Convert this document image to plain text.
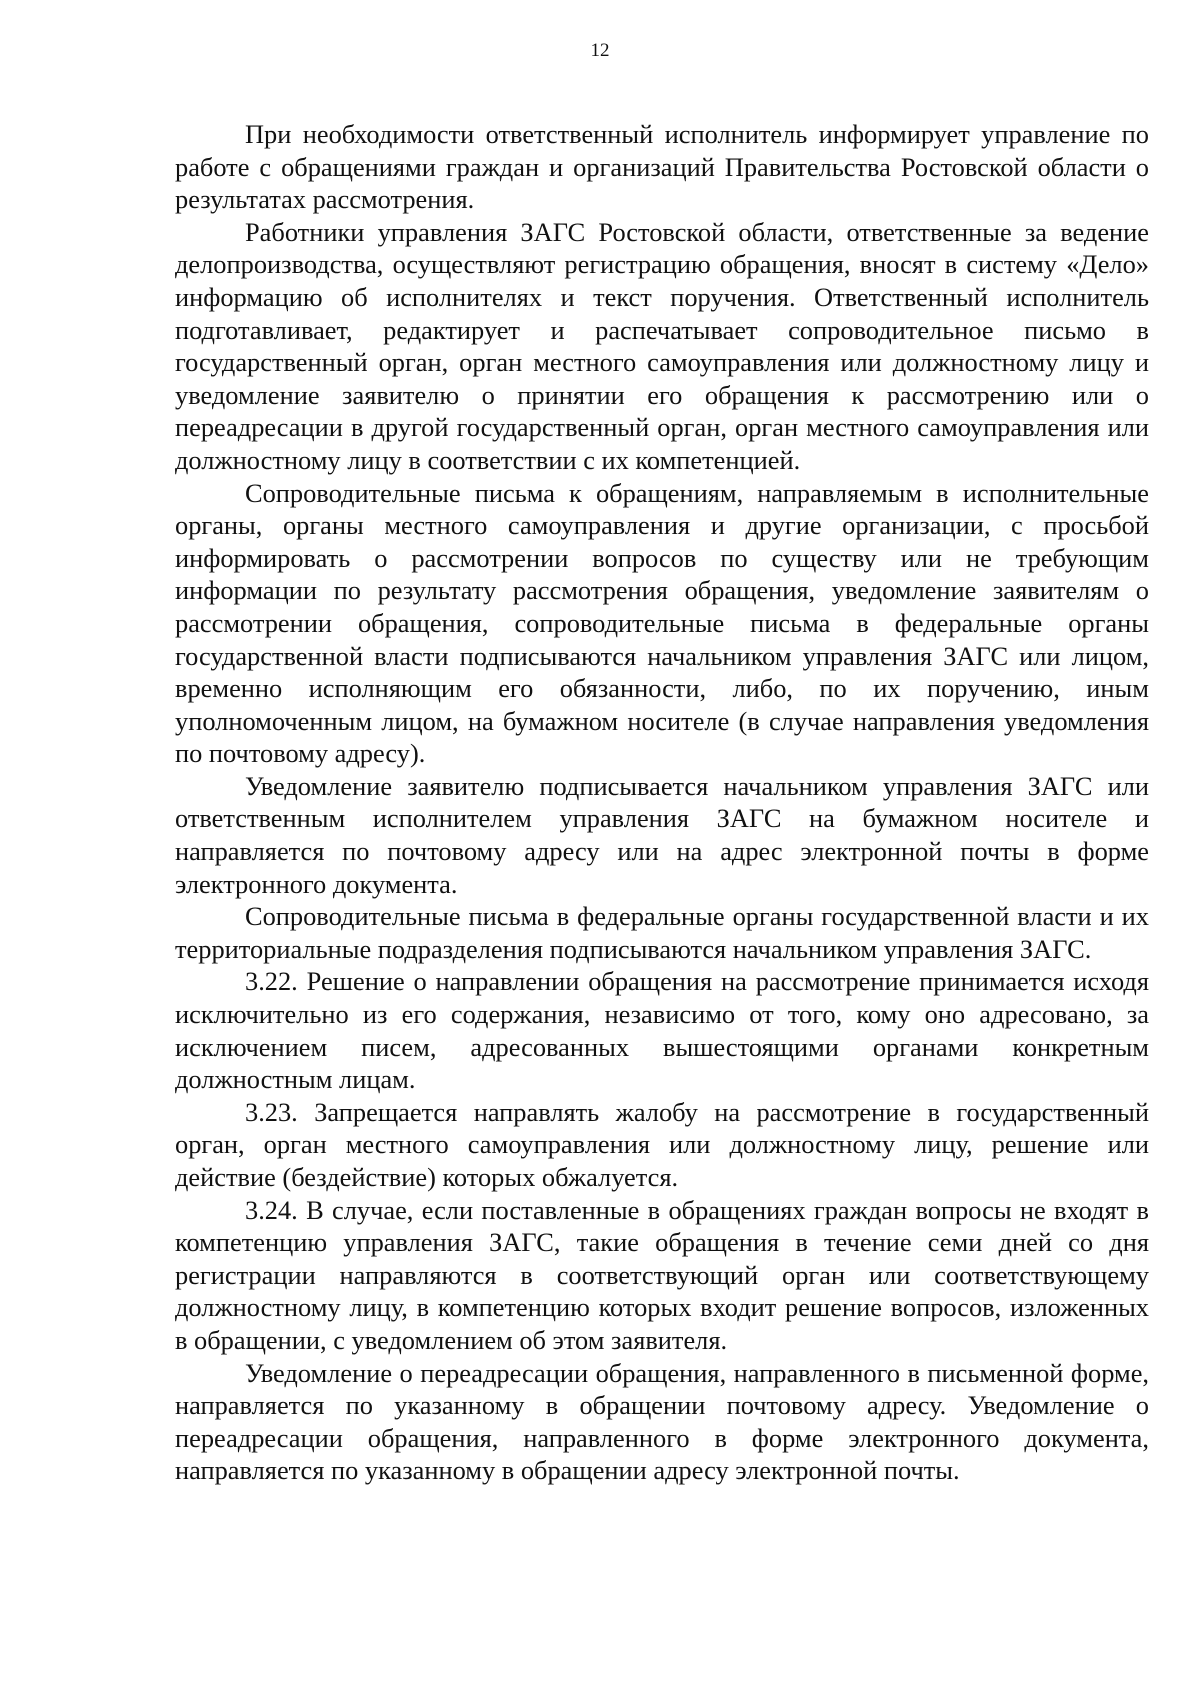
12

При необходимости ответственный исполнитель информирует управление по работе с обращениями граждан и организаций Правительства Ростовской области о результатах рассмотрения.

Работники управления ЗАГС Ростовской области, ответственные за ведение делопроизводства, осуществляют регистрацию обращения, вносят в систему «Дело» информацию об исполнителях и текст поручения. Ответственный исполнитель подготавливает, редактирует и распечатывает сопроводительное письмо в государственный орган, орган местного самоуправления или должностному лицу и уведомление заявителю о принятии его обращения к рассмотрению или о переадресации в другой государственный орган, орган местного самоуправления или должностному лицу в соответствии с их компетенцией.

Сопроводительные письма к обращениям, направляемым в исполнительные органы, органы местного самоуправления и другие организации, с просьбой информировать о рассмотрении вопросов по существу или не требующим информации по результату рассмотрения обращения, уведомление заявителям о рассмотрении обращения, сопроводительные письма в федеральные органы государственной власти подписываются начальником управления ЗАГС или лицом, временно исполняющим его обязанности, либо, по их поручению, иным уполномоченным лицом, на бумажном носителе (в случае направления уведомления по почтовому адресу).

Уведомление заявителю подписывается начальником управления ЗАГС или ответственным исполнителем управления ЗАГС на бумажном носителе и направляется по почтовому адресу или на адрес электронной почты в форме электронного документа.

Сопроводительные письма в федеральные органы государственной власти и их территориальные подразделения подписываются начальником управления ЗАГС.

3.22. Решение о направлении обращения на рассмотрение принимается исходя исключительно из его содержания, независимо от того, кому оно адресовано, за исключением писем, адресованных вышестоящими органами конкретным должностным лицам.

3.23. Запрещается направлять жалобу на рассмотрение в государственный орган, орган местного самоуправления или должностному лицу, решение или действие (бездействие) которых обжалуется.

3.24. В случае, если поставленные в обращениях граждан вопросы не входят в компетенцию управления ЗАГС, такие обращения в течение семи дней со дня регистрации направляются в соответствующий орган или соответствующему должностному лицу, в компетенцию которых входит решение вопросов, изложенных в обращении, с уведомлением об этом заявителя.

Уведомление о переадресации обращения, направленного в письменной форме, направляется по указанному в обращении почтовому адресу. Уведомление о переадресации обращения, направленного в форме электронного документа, направляется по указанному в обращении адресу электронной почты.
